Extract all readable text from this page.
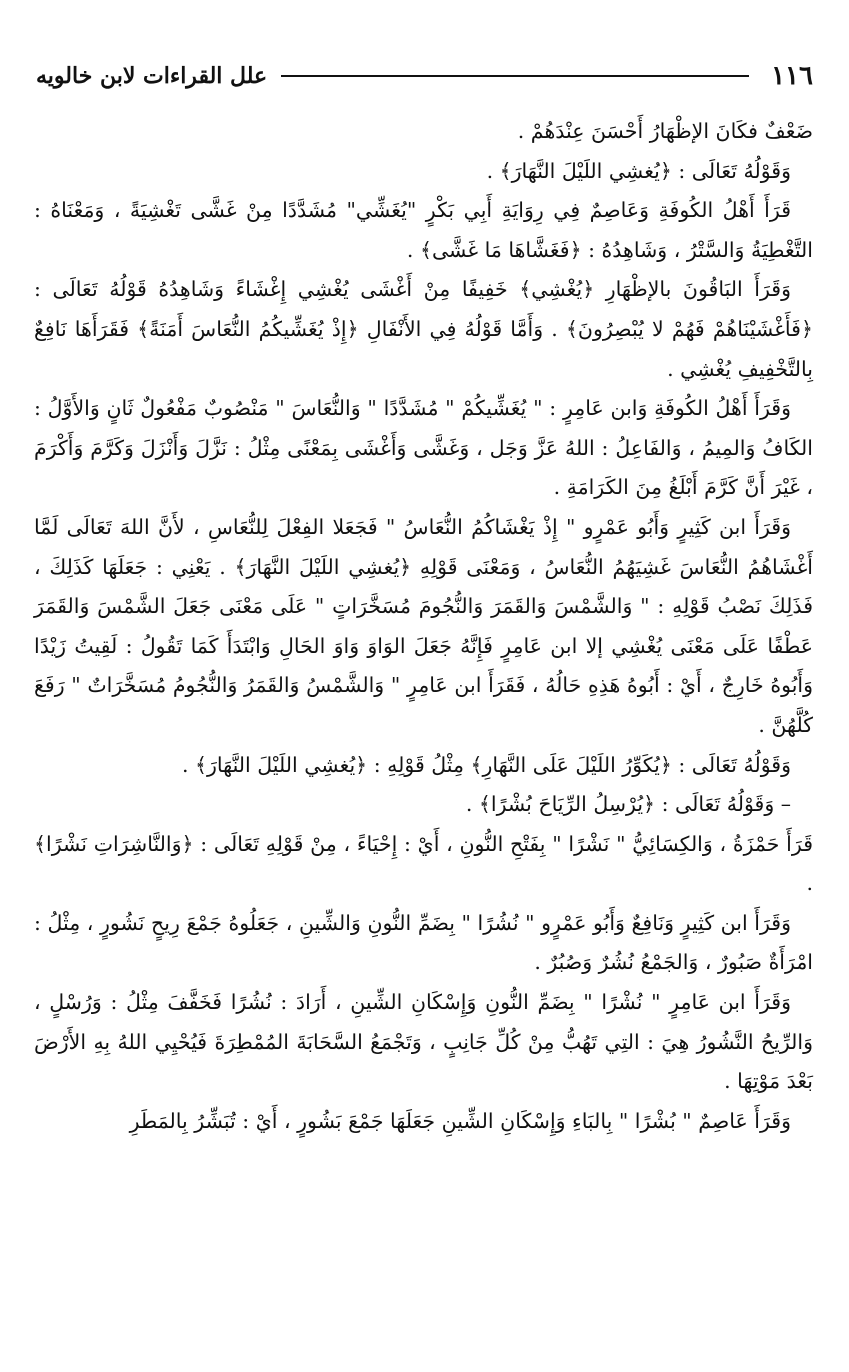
١١٦
علل القراءات لابن خالويه

ضَعْفٌ فكَانَ الإظْهَارُ أَحْسَنَ عِنْدَهُمْ .

وَقَوْلُهُ تَعَالَى : ﴿يُغشِي اللَيْلَ النَّهَارَ﴾ .

قَرَأَ أَهْلُ الكُوفَةِ وَعَاصِمٌ فِي رِوَايَةِ أَبِي بَكْرٍ "يُغَشِّي" مُشَدَّدًا مِنْ غَشَّى تَغْشِيَةً ، وَمَعْنَاهُ : التَّغْطِيَةُ وَالسَّتْرُ ، وَشَاهِدُهُ : ﴿فَغَشَّاهَا مَا غَشَّى﴾ .

وَقَرَأَ البَاقُونَ بالإظْهَارِ ﴿يُغْشِي﴾ خَفِيفًا مِنْ أَغْشَى يُغْشِي إِغْشَاءً وَشَاهِدُهُ قَوْلُهُ تَعَالَى : ﴿فَأَغْشَيْنَاهُمْ فَهُمْ لا يُبْصِرُونَ﴾ . وَأَمَّا قَوْلُهُ فِي الأَنْفَالِ ﴿إِذْ يُغَشِّيكُمُ النُّعَاسَ أَمَنَةً﴾ فَقَرَأَهَا نَافِعٌ بِالتَّخْفِيفِ يُغْشِي .

وَقَرَأَ أَهْلُ الكُوفَةِ وَابن عَامِرٍ : " يُغَشِّيكُمْ " مُشَدَّدًا " وَالنُّعَاسَ " مَنْصُوبٌ مَفْعُولٌ ثَانٍ وَالأَوَّلُ : الكَافُ وَالمِيمُ ، وَالفَاعِلُ : اللهُ عَزَّ وَجَل ، وَغَشَّى وَأَغْشَى بِمَعْنًى مِثْلُ : نَزَّلَ وَأَنْزَلَ وَكَرَّمَ وَأَكْرَمَ ، غَيْرَ أَنَّ كَرَّمَ أَبْلَغُ مِنَ الكَرَامَةِ .

وَقَرَأَ ابن كَثِيرٍ وَأَبُو عَمْرٍو " إِذْ يَغْشَاكُمُ النُّعَاسُ " فَجَعَلا الفِعْلَ لِلنُّعَاسِ ، لأَنَّ اللهَ تَعَالَى لَمَّا أَغْشَاهُمُ النُّعَاسَ غَشِيَهُمُ النُّعَاسُ ، وَمَعْنَى قَوْلِهِ ﴿يُغشِي اللَيْلَ النَّهَارَ﴾ . يَعْنِي : جَعَلَهَا كَذَلِكَ ، فَذَلِكَ نَصْبُ قَوْلِهِ : " وَالشَّمْسَ وَالقَمَرَ وَالنُّجُومَ مُسَخَّرَاتٍ " عَلَى مَعْنَى جَعَلَ الشَّمْسَ وَالقَمَرَ عَطْفًا عَلَى مَعْنَى يُغْشِي إلا ابن عَامِرٍ فَإِنَّهُ جَعَلَ الوَاوَ وَاوَ الحَالِ وَابْتَدَأَ كَمَا تَقُولُ : لَقِيتُ زَيْدًا وَأَبُوهُ خَارِجٌ ، أَيْ : أَبُوهُ هَذِهِ حَالُهُ ، فَقَرَأَ ابن عَامِرٍ " وَالشَّمْسُ وَالقَمَرُ وَالنُّجُومُ مُسَخَّرَاتٌ " رَفَعَ كُلَّهُنَّ .

وَقَوْلُهُ تَعَالَى : ﴿يُكَوِّرُ اللَيْلَ عَلَى النَّهَارِ﴾ مِثْلُ قَوْلِهِ : ﴿يُغشِي اللَيْلَ النَّهَارَ﴾ .

– وَقَوْلُهُ تَعَالَى : ﴿يُرْسِلُ الرِّيَاحَ بُشْرًا﴾ .

قَرَأَ حَمْزَةُ ، وَالكِسَائِيُّ " نَشْرًا " بِفَتْحِ النُّونِ ، أَيْ : إِحْيَاءً ، مِنْ قَوْلِهِ تَعَالَى : ﴿وَالنَّاشِرَاتِ نَشْرًا﴾ .

وَقَرَأَ ابن كَثِيرٍ وَنَافِعٌ وَأَبُو عَمْرٍو " نُشُرًا " بِضَمِّ النُّونِ وَالشِّينِ ، جَعَلُوهُ جَمْعَ رِيحٍ نَشُورٍ ، مِثْلُ : امْرَأَةٌ صَبُورٌ ، وَالجَمْعُ نُشُرٌ وَصُبُرٌ .

وَقَرَأَ ابن عَامِرٍ " نُشْرًا " بِضَمِّ النُّونِ وَإِسْكَانِ الشِّينِ ، أَرَادَ : نُشُرًا فَخَفَّفَ مِثْلُ : وَرُسْلٍ ، وَالرِّيحُ النَّشُورُ هِيَ : التِي تَهُبُّ مِنْ كُلِّ جَانِبٍ ، وَتَجْمَعُ السَّحَابَةَ المُمْطِرَةَ فَيُحْيِي اللهُ بِهِ الأَرْضَ بَعْدَ مَوْتِهَا .

وَقَرَأَ عَاصِمٌ " بُشْرًا " بِالبَاءِ وَإِسْكَانِ الشِّينِ جَعَلَهَا جَمْعَ بَشُورٍ ، أَيْ : تُبَشِّرُ بِالمَطَرِ
